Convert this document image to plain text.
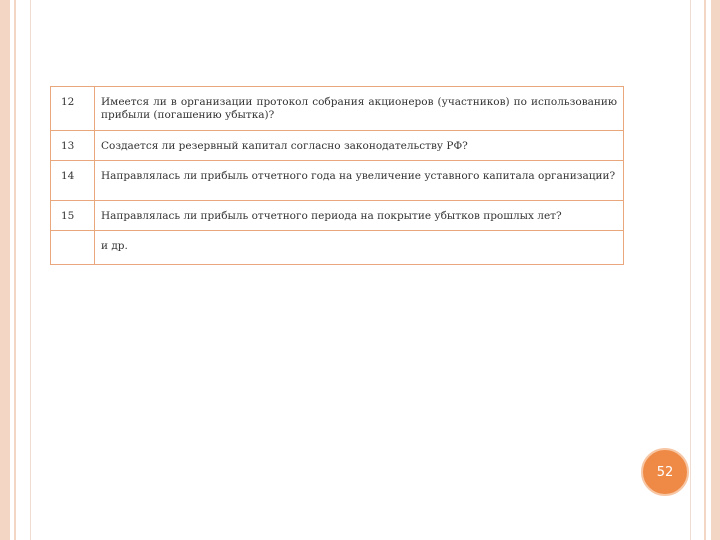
12	Имеется ли в организации протокол собрания акционеров (участников) по использованию прибыли (погашению убытка)?
13	Создается ли резервный капитал согласно законодательству РФ?
14	Направлялась ли прибыль отчетного года на увеличение уставного капитала организации?
15	Направлялась ли прибыль отчетного периода на покрытие убытков прошлых лет?
	и др.
52
